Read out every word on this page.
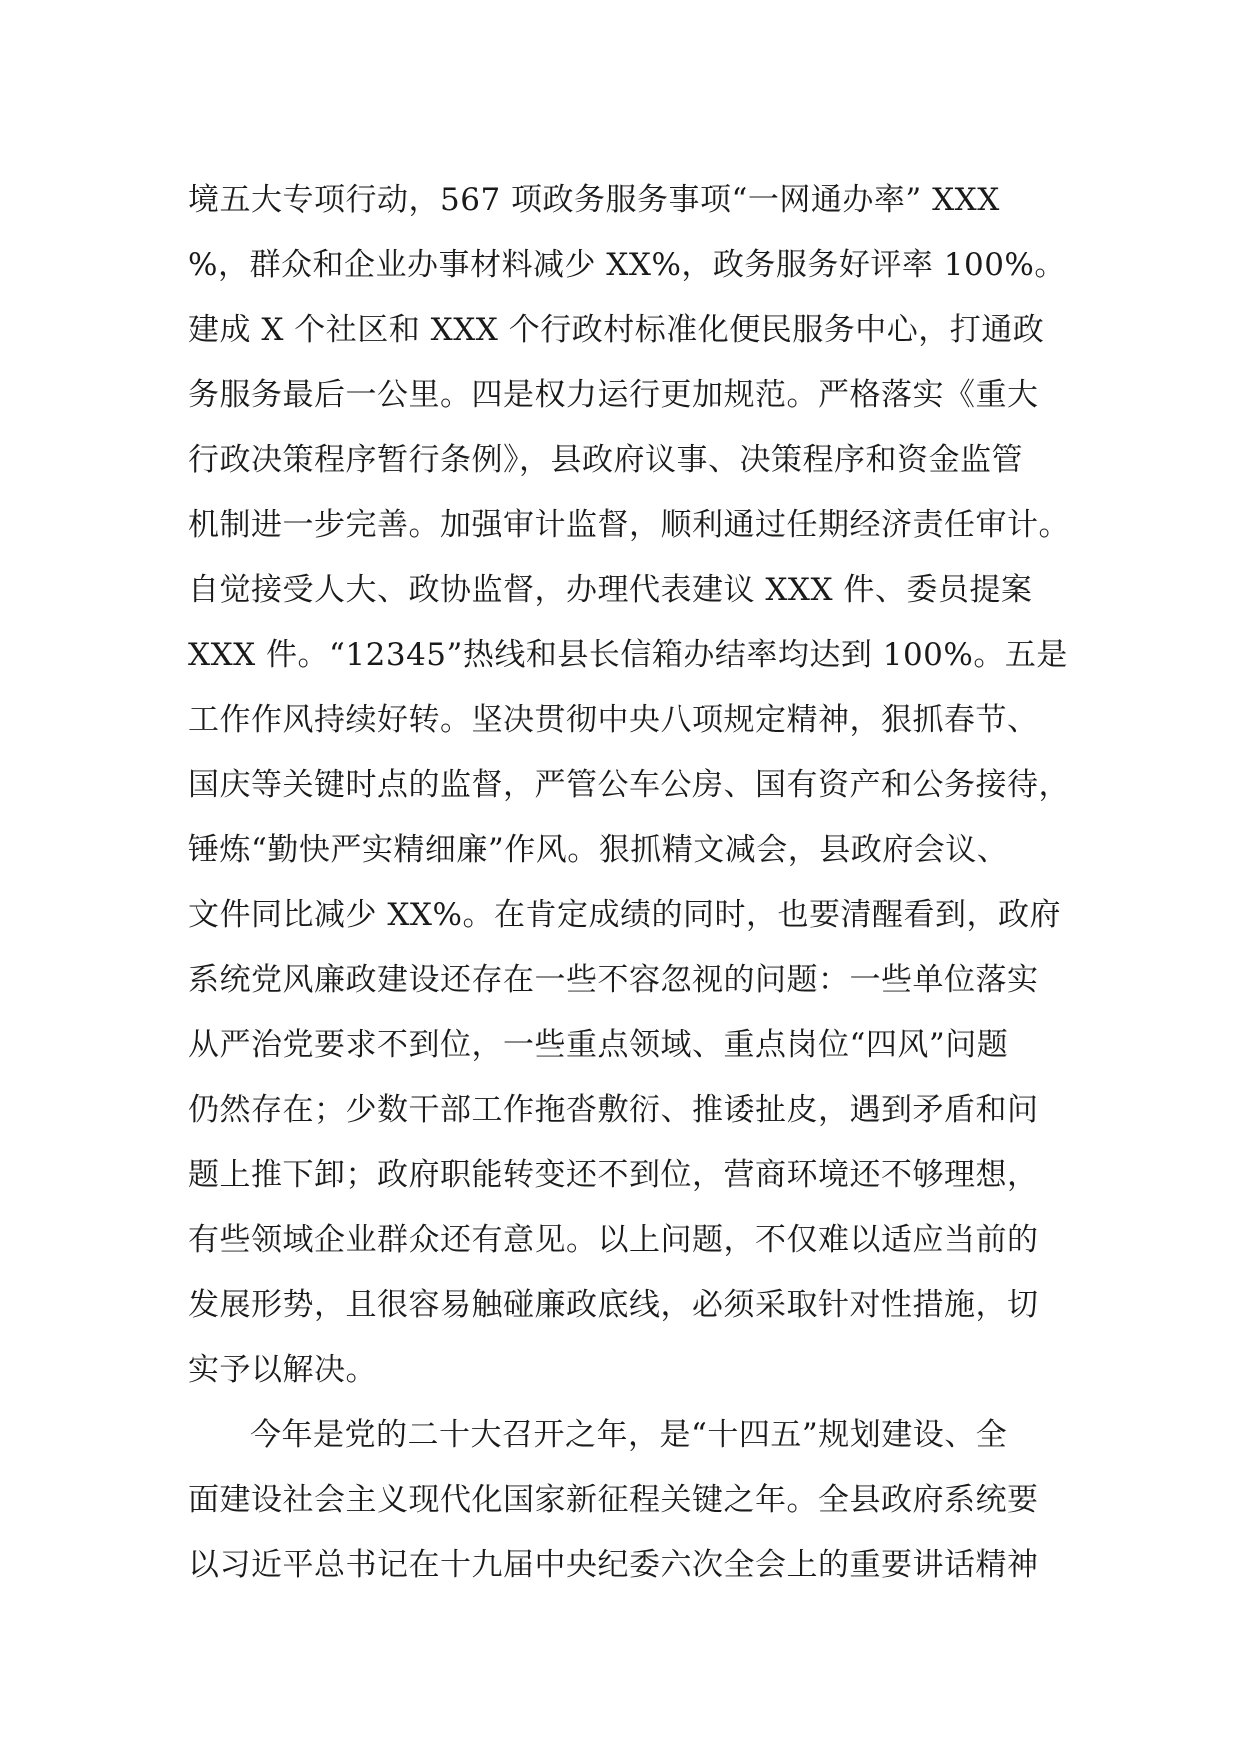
境五大专项行动，567 项政务服务事项“一网通办率” XXX
%，群众和企业办事材料减少 XX%，政务服务好评率 100%。
建成 X 个社区和 XXX 个行政村标准化便民服务中心，打通政
务服务最后一公里。四是权力运行更加规范。严格落实《重大
行政决策程序暂行条例》，县政府议事、决策程序和资金监管
机制进一步完善。加强审计监督，顺利通过任期经济责任审计。
自觉接受人大、政协监督，办理代表建议 XXX 件、委员提案
XXX 件。“12345”热线和县长信箱办结率均达到 100%。五是
工作作风持续好转。坚决贯彻中央八项规定精神，狠抓春节、
国庆等关键时点的监督，严管公车公房、国有资产和公务接待，
锤炼“勤快严实精细廉”作风。狠抓精文减会，县政府会议、
文件同比减少 XX%。在肯定成绩的同时，也要清醒看到，政府
系统党风廉政建设还存在一些不容忽视的问题：一些单位落实
从严治党要求不到位，一些重点领域、重点岗位“四风”问题
仍然存在；少数干部工作拖沓敷衍、推诿扯皮，遇到矛盾和问
题上推下卸；政府职能转变还不到位，营商环境还不够理想，
有些领域企业群众还有意见。以上问题，不仅难以适应当前的
发展形势，且很容易触碰廉政底线，必须采取针对性措施，切
实予以解决。
今年是党的二十大召开之年，是“十四五”规划建设、全
面建设社会主义现代化国家新征程关键之年。全县政府系统要
以习近平总书记在十九届中央纪委六次全会上的重要讲话精神
